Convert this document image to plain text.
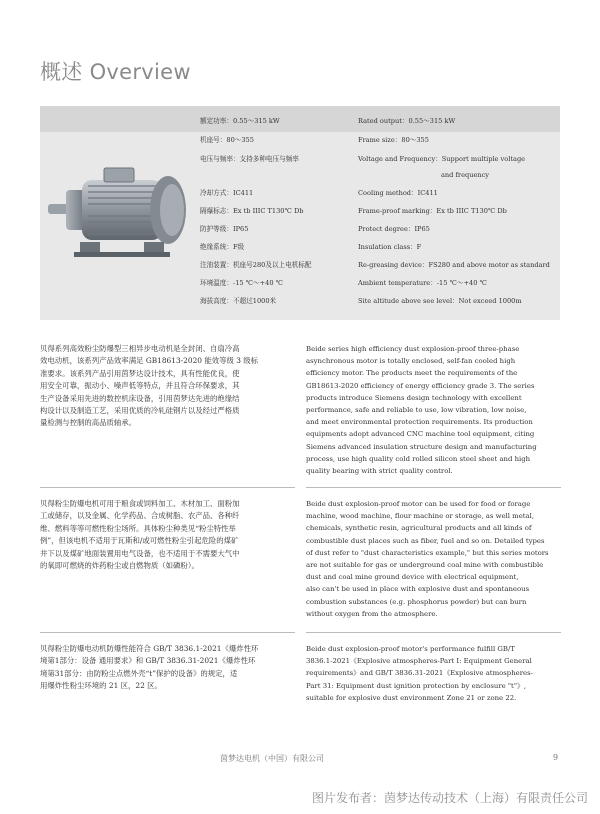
概述 Overview
额定功率：0.55～315 kW
机座号：80～355
电压与频率：支持多种电压与频率
冷却方式：IC411
隔爆标志：Ex tb IIIC T130℃ Db
防护等级：IP65
绝缘系统：F级
注油装置：机座号280及以上电机标配
环境温度：-15 ℃～+40 ℃
海拔高度：不超过1000米
Rated output：0.55～315 kW
Frame size：80～355
Voltage and Frequency：Support multiple voltage
and frequency
Cooling method：IC411
Frame-proof marking：Ex tb IIIC T130℃ Db
Protect degree：IP65
Insulation class：F
Re-greasing device：FS280 and above motor as standard
Ambient temperature：-15 ℃～+40 ℃
Site altitude above see level：Not exceed 1000m
贝得系列高效粉尘防爆型三相异步电动机是全封闭、自扇冷高
效电动机，该系列产品效率满足 GB18613-2020 能效等级 3 级标
准要求。该系列产品引用茵梦达设计技术，具有性能优良，使
用安全可靠，振动小、噪声低等特点，并且符合环保要求，其
生产设备采用先进的数控机床设备，引用茵梦达先进的绝缘结
构设计以及制造工艺，采用优质的冷轧硅钢片以及经过严格质
量检测与控制的高品质轴承。
Beide series high efficiency dust explosion-proof three-phase
asynchronous motor is totally enclosed, self-fan cooled high
efficiency motor. The products meet the requirements of the
GB18613-2020 efficiency of energy efficiency grade 3. The series
products introduce Siemens design technology with excellent
performance, safe and reliable to use, low vibration, low noise,
and meet environmental protection requirements. Its production
equipments adopt advanced CNC machine tool equipment, citing
Siemens advanced insulation structure design and manufacturing
process, use high quality cold rolled silicon steel sheet and high
quality bearing with strict quality control.
贝得粉尘防爆电机可用于粮食或饲料加工、木材加工、面粉加
工或储存，以及金属、化学药品、合成树脂、农产品、各种纤
维、燃料等等可燃性粉尘场所。具体粉尘种类见“粉尘特性举
例”，但该电机不适用于瓦斯和/或可燃性粉尘引起危险的煤矿
井下以及煤矿地面装置用电气设备，也不适用于不需要大气中
的氧即可燃烧的炸药粉尘或自燃物质（如磷粉）。
Beide dust explosion-proof motor can be used for food or forage
machine, wood machine, flour machine or storage, as well metal,
chemicals, synthetic resin, agricultural products and all kinds of
combustible dust places such as fiber, fuel and so on. Detailed types
of dust refer to "dust characteristics example," but this series motors
are not suitable for gas or underground coal mine with combustible
dust and coal mine ground device with electrical equipment,
also can't be used in place with explosive dust and spontaneous
combustion substances (e.g. phosphorus powder) but can burn
without oxygen from the atmosphere.
贝得粉尘防爆电动机防爆性能符合 GB/T 3836.1-2021《爆炸性环
境第1部分：设备 通用要求》和 GB/T 3836.31-2021《爆炸性环
境第31部分：由防粉尘点燃外壳“t”保护的设备》的规定，适
用爆炸性粉尘环境的 21 区，22 区。
Beide dust explosion-proof motor's performance fulfill GB/T
3836.1-2021《Explosive atmospheres-Part I: Equipment General
requirements》and GB/T 3836.31-2021《Explosive atmospheres-
Part 31: Equipment dust ignition protection by enclosure "t"》,
suitable for explosive dust environment Zone 21 or zone 22.
茵梦达电机（中国）有限公司	9
图片发布者：茵梦达传动技术（上海）有限责任公司
